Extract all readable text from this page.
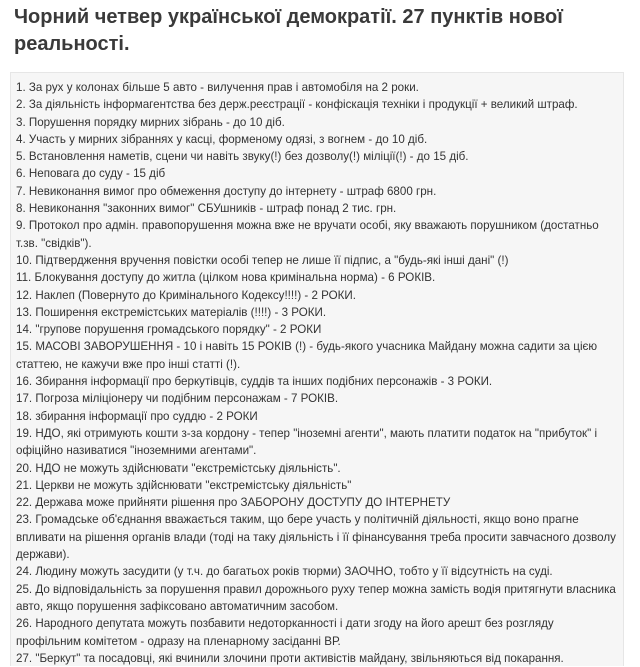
Чорний четвер української демократії. 27 пунктів нової реальності.
1. За рух у колонах більше 5 авто - вилучення прав і автомобіля на 2 роки.
2. За діяльність інформагентства без держ.реєстрації - конфіскація техніки і продукції + великий штраф.
3. Порушення порядку мирних зібрань - до 10 діб.
4. Участь у мирних зібраннях у касці, форменому одязі, з вогнем - до 10 діб.
5. Встановлення наметів, сцени чи навіть звуку(!) без дозволу(!) міліції(!) - до 15 діб.
6. Неповага до суду - 15 діб
7. Невиконання вимог про обмеження доступу до інтернету - штраф 6800 грн.
8. Невиконання "законних вимог" СБУшників - штраф понад 2 тис. грн.
9. Протокол про адмін. правопорушення можна вже не вручати особі, яку вважають порушником (достатньо т.зв. "свідків").
10. Підтвердження вручення повістки особі тепер не лише її підпис, а "будь-які інші дані" (!)
11. Блокування доступу до житла (цілком нова кримінальна норма) - 6 РОКІВ.
12. Наклеп (Повернуто до Кримінального Кодексу!!!!) - 2 РОКИ.
13. Поширення екстремістських матеріалів (!!!!) - 3 РОКИ.
14. "групове порушення громадського порядку" - 2 РОКИ
15. МАСОВІ ЗАВОРУШЕННЯ - 10 і навіть 15 РОКІВ (!) - будь-якого учасника Майдану можна садити за цією статтею, не кажучи вже про інші статті (!).
16. Збирання інформації про беркутівців, суддів та інших подібних персонажів - 3 РОКИ.
17. Погроза міліціонеру чи подібним персонажам - 7 РОКІВ.
18. збирання інформації про суддю - 2 РОКИ
19. НДО, які отримують кошти з-за кордону - тепер "іноземні агенти", мають платити податок на "прибуток" і офіційно називатися "іноземними агентами".
20. НДО не можуть здійснювати "екстремістську діяльність".
21. Церкви не можуть здійснювати "екстремістську діяльність"
22. Держава може прийняти рішення про ЗАБОРОНУ ДОСТУПУ ДО ІНТЕРНЕТУ
23. Громадське об'єднання вважається таким, що бере участь у політичній діяльності, якщо воно прагне впливати на рішення органів влади (тоді на таку діяльність і її фінансування треба просити завчасного дозволу держави).
24. Людину можуть засудити (у т.ч. до багатьох років тюрми) ЗАОЧНО, тобто у її відсутність на суді.
25. До відповідальність за порушення правил дорожнього руху тепер можна замість водія притягнути власника авто, якщо порушення зафіксовано автоматичним засобом.
26. Народного депутата можуть позбавити недоторканності і дати згоду на його арешт без розгляду профільним комітетом - одразу на пленарному засіданні ВР.
27. "Беркут" та посадовці, які вчинили злочини проти активістів майдану, звільняються від покарання.
